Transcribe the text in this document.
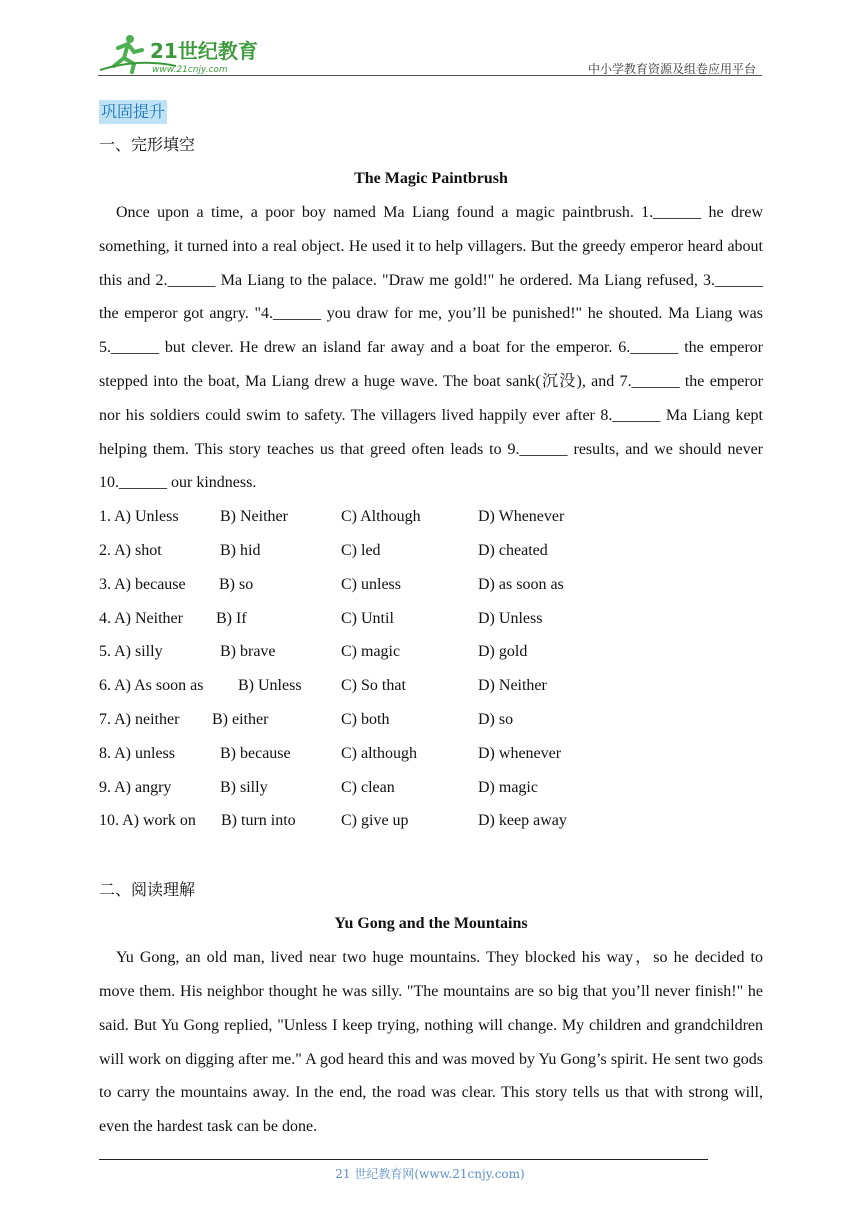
21世纪教育
www.21cnjy.com	中小学教育资源及组卷应用平台
巩固提升
一、完形填空
The Magic Paintbrush

Once upon a time, a poor boy named Ma Liang found a magic paintbrush. 1.______ he drew something, it turned into a real object. He used it to help villagers. But the greedy emperor heard about this and 2.______ Ma Liang to the palace. "Draw me gold!" he ordered. Ma Liang refused, 3.______ the emperor got angry. "4.______ you draw for me, you’ll be punished!" he shouted. Ma Liang was 5.______ but clever. He drew an island far away and a boat for the emperor. 6.______ the emperor stepped into the boat, Ma Liang drew a huge wave. The boat sank(沉没), and 7.______ the emperor nor his soldiers could swim to safety. The villagers lived happily ever after 8.______ Ma Liang kept helping them. This story teaches us that greed often leads to 9.______ results, and we should never 10.______ our kindness.

1. A) Unless	B) Neither	C) Although	D) Whenever
2. A) shot	B) hid	C) led	D) cheated
3. A) because B) so	C) unless	D) as soon as
4. A) Neither B) If	C) Until	D) Unless
5. A) silly	B) brave	C) magic	D) gold
6. A) As soon as B) Unless C) So that	D) Neither
7. A) neither B) either	C) both	D) so
8. A) unless	B) because	C) although	D) whenever
9. A) angry	B) silly	C) clean	D) magic
10. A) work on B) turn into	C) give up	D) keep away
二、阅读理解
Yu Gong and the Mountains

Yu Gong, an old man, lived near two huge mountains. They blocked his way，so he decided to move them. His neighbor thought he was silly. "The mountains are so big that you’ll never finish!" he said. But Yu Gong replied, "Unless I keep trying, nothing will change. My children and grandchildren will work on digging after me." A god heard this and was moved by Yu Gong’s spirit. He sent two gods to carry the mountains away. In the end, the road was clear. This story tells us that with strong will, even the hardest task can be done.

21 世纪教育网(www.21cnjy.com)
